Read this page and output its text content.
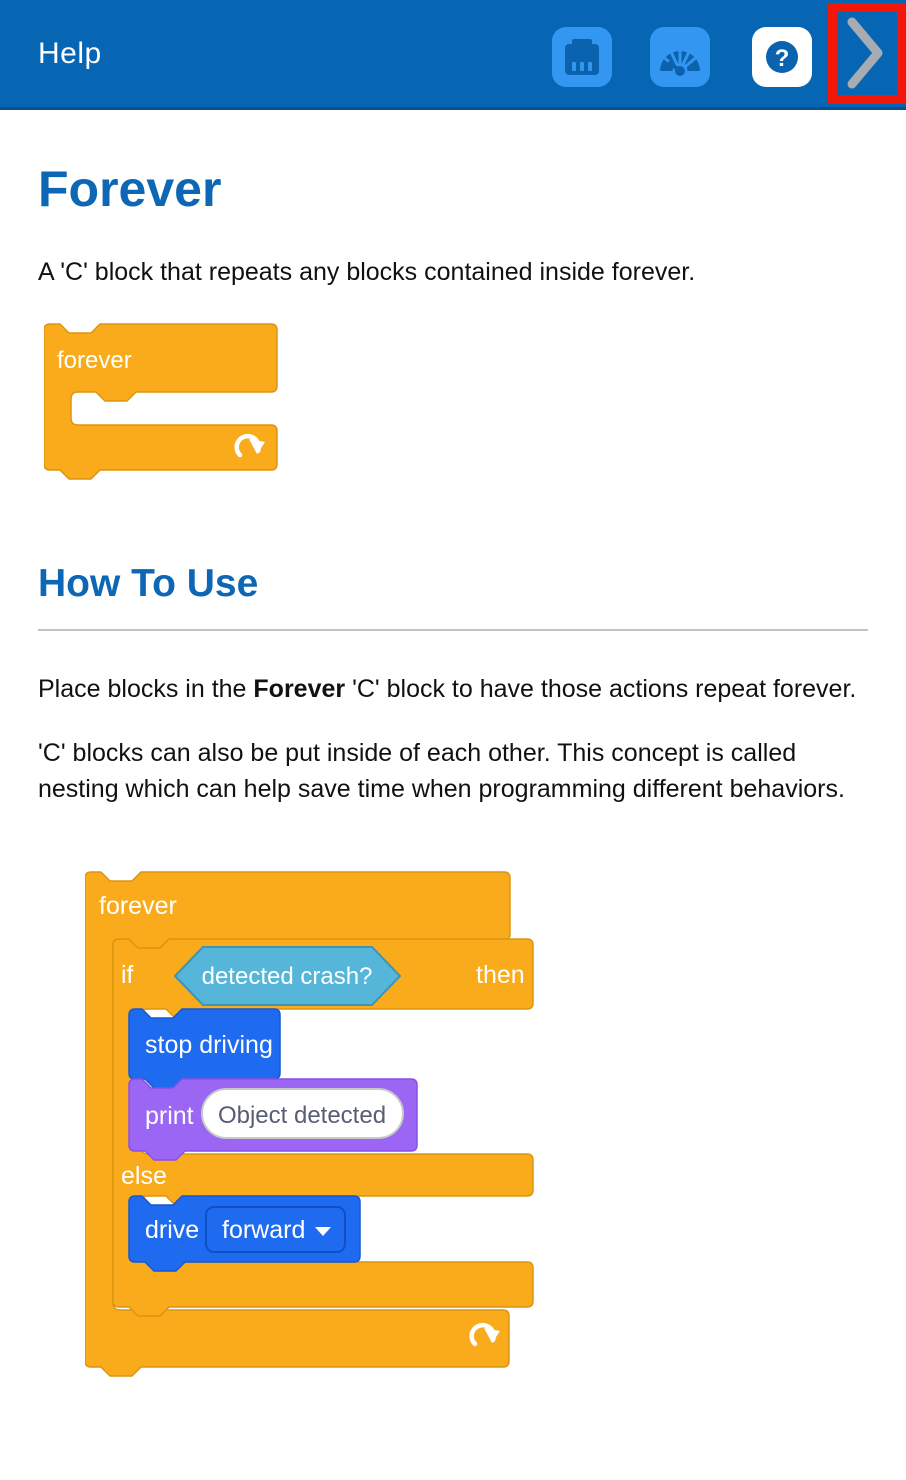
Help	?
Forever

A 'C' block that repeats any blocks contained inside forever.

forever
How To Use

Place blocks in the Forever 'C' block to have those actions repeat forever.

'C' blocks can also be put inside of each other. This concept is called nesting which can help save time when programming different behaviors.

forever
if	then
detected crash?
stop driving
print Object detected
else
drive forward
